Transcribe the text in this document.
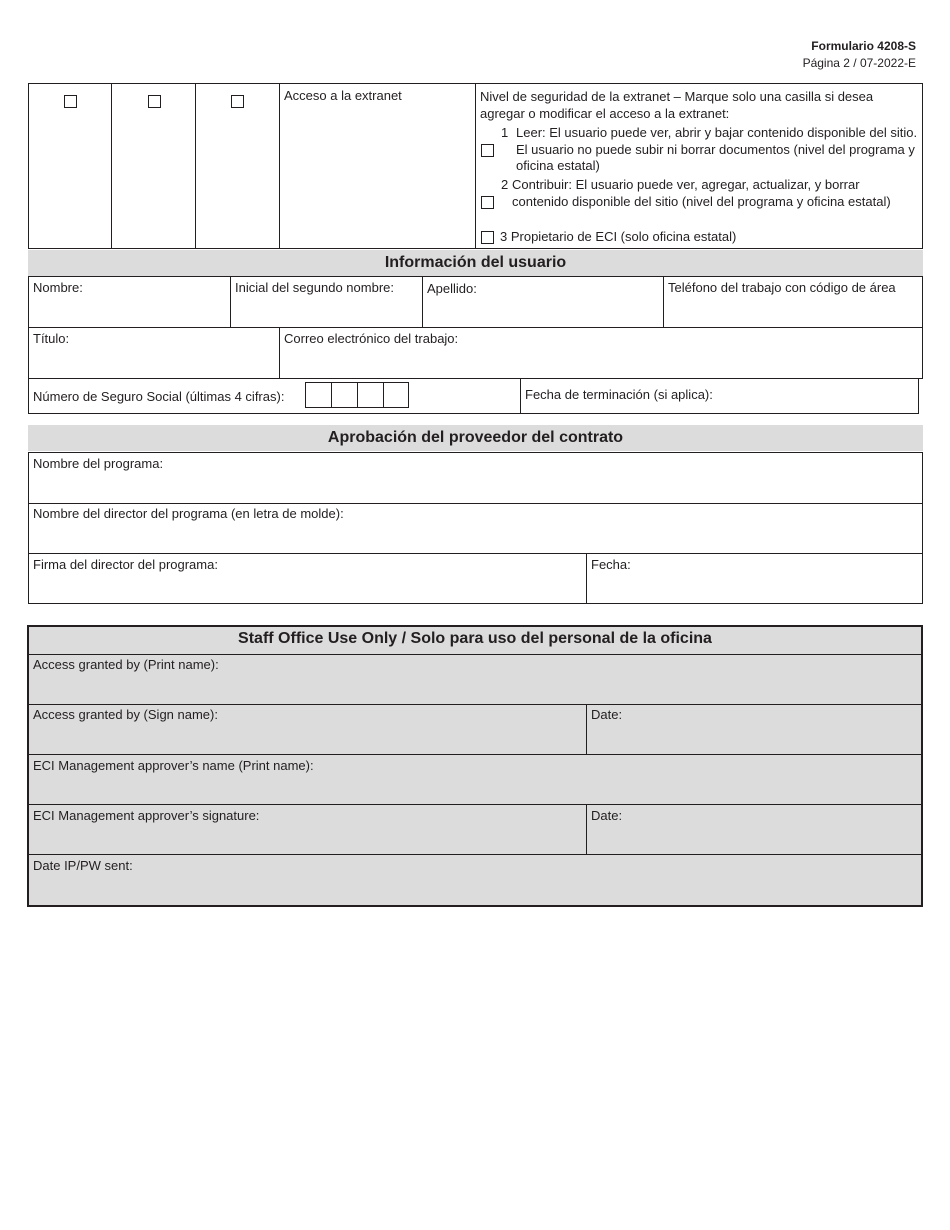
Formulario 4208-S
Página 2 / 07-2022-E
Acceso a la extranet	Nivel de seguridad de la extranet – Marque solo una casilla si desea agregar o modificar el acceso a la extranet:
1 Leer: El usuario puede ver, abrir y bajar contenido disponible del sitio. El usuario no puede subir ni borrar documentos (nivel del programa y oficina estatal)
2 Contribuir: El usuario puede ver, agregar, actualizar, y borrar contenido disponible del sitio (nivel del programa y oficina estatal)
3 Propietario de ECI (solo oficina estatal)
Información del usuario
Nombre:	Inicial del segundo nombre:	Apellido:	Teléfono del trabajo con código de área
Título:	Correo electrónico del trabajo:
Número de Seguro Social (últimas 4 cifras):	Fecha de terminación (si aplica):
Aprobación del proveedor del contrato
Nombre del programa:
Nombre del director del programa (en letra de molde):
Firma del director del programa:	Fecha:
Staff Office Use Only / Solo para uso del personal de la oficina
Access granted by (Print name):
Access granted by (Sign name):	Date:
ECI Management approver’s name (Print name):
ECI Management approver’s signature:	Date:
Date IP/PW sent:
